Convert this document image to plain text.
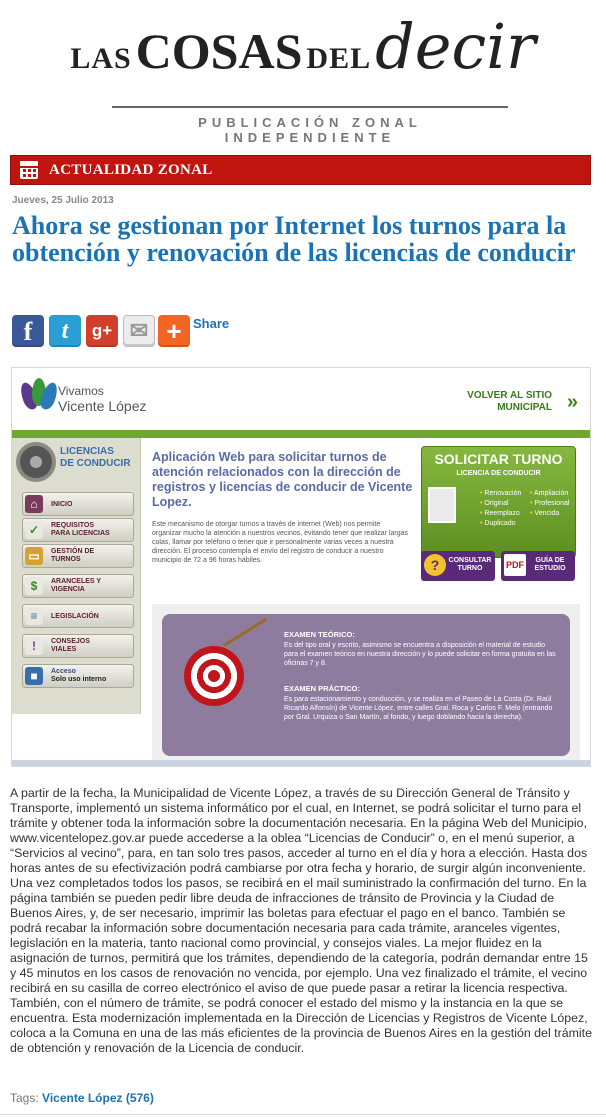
LAS COSAS DEL decir
PUBLICACIÓN ZONAL INDEPENDIENTE
ACTUALIDAD ZONAL
Jueves, 25 Julio 2013
Ahora se gestionan por Internet los turnos para la obtención y renovación de las licencias de conducir
f	t	g+ ✉ + Share
Vivamos
Vicente López
VOLVER AL SITIO
MUNICIPAL »
LICENCIAS
DE CONDUCIR
⌂	INICIO
✓	REQUISITOS
PARA LICENCIAS
▭	GESTIÓN DE
TURNOS
$	ARANCELES Y
VIGENCIA
≡	LEGISLACIÓN
!	CONSEJOS
VIALES
■	Acceso
Solo uso interno
Aplicación Web para solicitar turnos de atención relacionados con la dirección de registros y licencias de conducir de Vicente Lopez.
Este mecanismo de otorgar turnos a través de internet (Web) nos permite organizar mucho la atención a nuestros vecinos, evitando tener que realizar largas colas, llamar por teléfono o tener que ir personalmente varias veces a nuestra dirección. El proceso contempla el envío del registro de conducir a nuestro municipio de 72 a 96 horas hábiles.
SOLICITAR TURNO
LICENCIA DE CONDUCIR
• Renovación • Ampliación
• Original	• Profesional
• Reemplazo • Vencida
• Duplicado
?	CONSULTAR
TURNO	PDF	GUÍA DE
ESTUDIO
EXAMEN TEÓRICO:
Es del tipo oral y escrito, asimismo se encuentra a disposición el material de estudio para el examen teórico en nuestra dirección y lo puede solicitar en forma gratuita en las oficinas 7 y 8.
EXAMEN PRÁCTICO:
Es para estacionamiento y conducción, y se realiza en el Paseo de La Costa (Dr. Raúl Ricardo Alfonsín) de Vicente López, entre calles Gral. Roca y Carlos F. Melo (entrando por Gral. Urquiza o San Martín, al fondo, y luego doblando hacia la derecha).

A partir de la fecha, la Municipalidad de Vicente López, a través de su Dirección General de Tránsito y Transporte, implementó un sistema informático por el cual, en Internet, se podrá solicitar el turno para el trámite y obtener toda la información sobre la documentación necesaria. En la página Web del Municipio, www.vicentelopez.gov.ar puede accederse a la oblea “Licencias de Conducir” o, en el menú superior, a “Servicios al vecino”, para, en tan solo tres pasos, acceder al turno en el día y hora a elección. Hasta dos horas antes de su efectivización podrá cambiarse por otra fecha y horario, de surgir algún inconveniente. Una vez completados todos los pasos, se recibirá en el mail suministrado la confirmación del turno. En la página también se pueden pedir libre deuda de infracciones de tránsito de Provincia y la Ciudad de Buenos Aires, y, de ser necesario, imprimir las boletas para efectuar el pago en el banco. También se podrá recabar la información sobre documentación necesaria para cada trámite, aranceles vigentes, legislación en la materia, tanto nacional como provincial, y consejos viales. La mejor fluidez en la asignación de turnos, permitirá que los trámites, dependiendo de la categoría, podrán demandar entre 15 y 45 minutos en los casos de renovación no vencida, por ejemplo. Una vez finalizado el trámite, el vecino recibirá en su casilla de correo electrónico el aviso de que puede pasar a retirar la licencia respectiva. También, con el número de trámite, se podrá conocer el estado del mismo y la instancia en la que se encuentra. Esta modernización implementada en la Dirección de Licencias y Registros de Vicente López, coloca a la Comuna en una de las más eficientes de la provincia de Buenos Aires en la gestión del trámite de obtención y renovación de la Licencia de conducir.

Tags: Vicente López (576)
